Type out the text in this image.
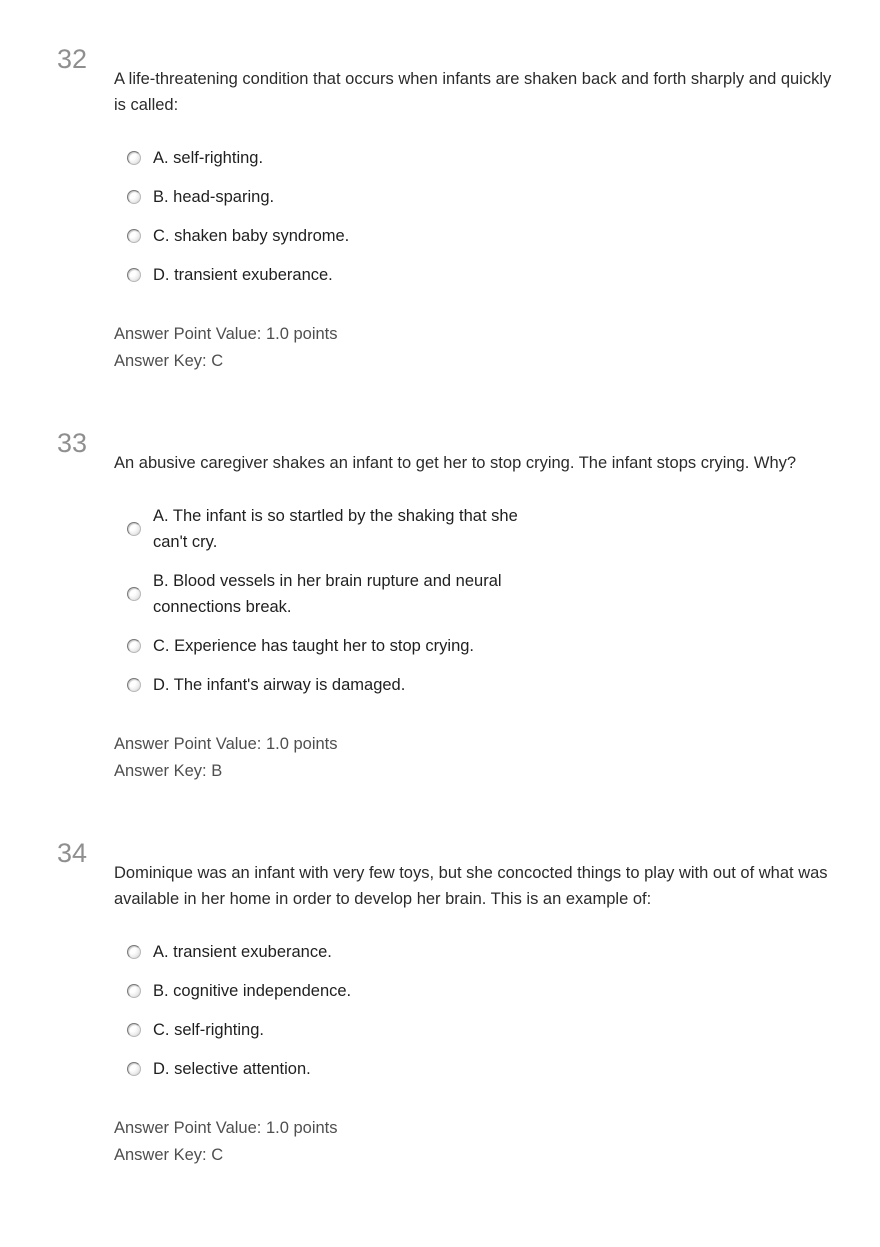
32
A life-threatening condition that occurs when infants are shaken back and forth sharply and quickly is called:
A. self-righting.
B. head-sparing.
C. shaken baby syndrome.
D. transient exuberance.
Answer Point Value: 1.0 points
Answer Key: C
33
An abusive caregiver shakes an infant to get her to stop crying. The infant stops crying. Why?
A. The infant is so startled by the shaking that she can't cry.
B. Blood vessels in her brain rupture and neural connections break.
C. Experience has taught her to stop crying.
D. The infant's airway is damaged.
Answer Point Value: 1.0 points
Answer Key: B
34
Dominique was an infant with very few toys, but she concocted things to play with out of what was available in her home in order to develop her brain. This is an example of:
A. transient exuberance.
B. cognitive independence.
C. self-righting.
D. selective attention.
Answer Point Value: 1.0 points
Answer Key: C
